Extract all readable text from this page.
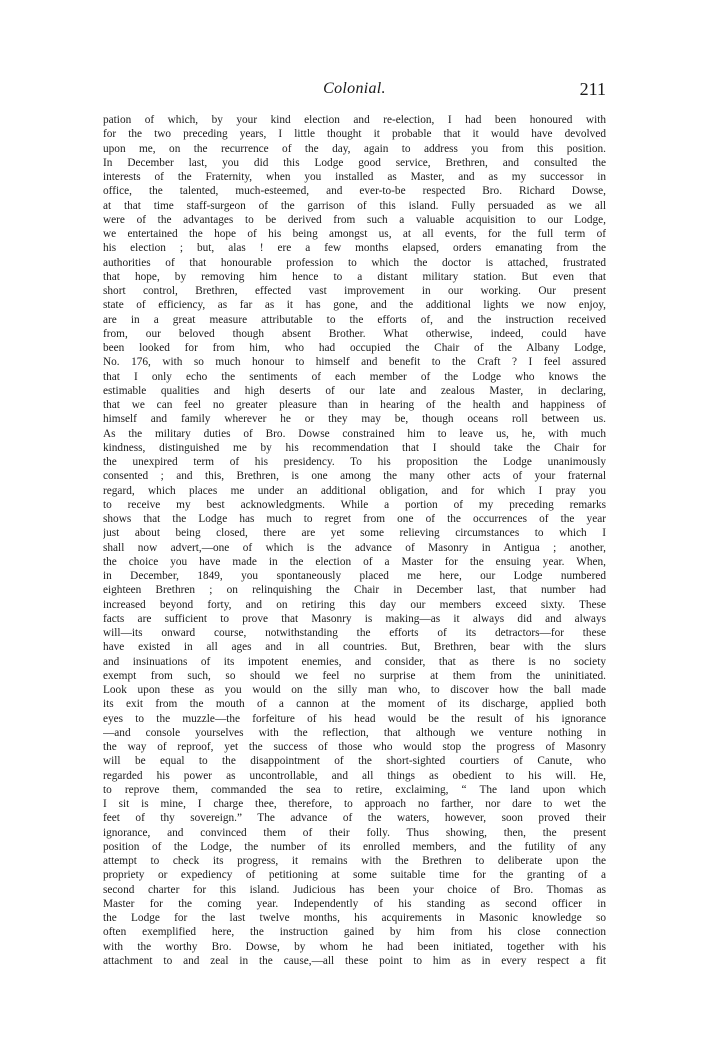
Colonial.	211
pation of which, by your kind election and re-election, I had been honoured with
for the two preceding years, I little thought it probable that it would have devolved
upon me, on the recurrence of the day, again to address you from this position.
In December last, you did this Lodge good service, Brethren, and consulted the
interests of the Fraternity, when you installed as Master, and as my successor in
office, the talented, much-esteemed, and ever-to-be respected Bro. Richard Dowse,
at that time staff-surgeon of the garrison of this island. Fully persuaded as we all
were of the advantages to be derived from such a valuable acquisition to our Lodge,
we entertained the hope of his being amongst us, at all events, for the full term of
his election ; but, alas ! ere a few months elapsed, orders emanating from the
authorities of that honourable profession to which the doctor is attached, frustrated
that hope, by removing him hence to a distant military station. But even that
short control, Brethren, effected vast improvement in our working. Our present
state of efficiency, as far as it has gone, and the additional lights we now enjoy,
are in a great measure attributable to the efforts of, and the instruction received
from, our beloved though absent Brother. What otherwise, indeed, could have
been looked for from him, who had occupied the Chair of the Albany Lodge,
No. 176, with so much honour to himself and benefit to the Craft ? I feel assured
that I only echo the sentiments of each member of the Lodge who knows the
estimable qualities and high deserts of our late and zealous Master, in declaring,
that we can feel no greater pleasure than in hearing of the health and happiness of
himself and family wherever he or they may be, though oceans roll between us.
As the military duties of Bro. Dowse constrained him to leave us, he, with much
kindness, distinguished me by his recommendation that I should take the Chair for
the unexpired term of his presidency. To his proposition the Lodge unanimously
consented ; and this, Brethren, is one among the many other acts of your fraternal
regard, which places me under an additional obligation, and for which I pray you
to receive my best acknowledgments. While a portion of my preceding remarks
shows that the Lodge has much to regret from one of the occurrences of the year
just about being closed, there are yet some relieving circumstances to which I
shall now advert,—one of which is the advance of Masonry in Antigua ; another,
the choice you have made in the election of a Master for the ensuing year. When,
in December, 1849, you spontaneously placed me here, our Lodge numbered
eighteen Brethren ; on relinquishing the Chair in December last, that number had
increased beyond forty, and on retiring this day our members exceed sixty. These
facts are sufficient to prove that Masonry is making—as it always did and always
will—its onward course, notwithstanding the efforts of its detractors—for these
have existed in all ages and in all countries. But, Brethren, bear with the slurs
and insinuations of its impotent enemies, and consider, that as there is no society
exempt from such, so should we feel no surprise at them from the uninitiated.
Look upon these as you would on the silly man who, to discover how the ball made
its exit from the mouth of a cannon at the moment of its discharge, applied both
eyes to the muzzle—the forfeiture of his head would be the result of his ignorance
—and console yourselves with the reflection, that although we venture nothing in
the way of reproof, yet the success of those who would stop the progress of Masonry
will be equal to the disappointment of the short-sighted courtiers of Canute, who
regarded his power as uncontrollable, and all things as obedient to his will. He,
to reprove them, commanded the sea to retire, exclaiming, “ The land upon which
I sit is mine, I charge thee, therefore, to approach no farther, nor dare to wet the
feet of thy sovereign.” The advance of the waters, however, soon proved their
ignorance, and convinced them of their folly. Thus showing, then, the present
position of the Lodge, the number of its enrolled members, and the futility of any
attempt to check its progress, it remains with the Brethren to deliberate upon the
propriety or expediency of petitioning at some suitable time for the granting of a
second charter for this island. Judicious has been your choice of Bro. Thomas as
Master for the coming year. Independently of his standing as second officer in
the Lodge for the last twelve months, his acquirements in Masonic knowledge so
often exemplified here, the instruction gained by him from his close connection
with the worthy Bro. Dowse, by whom he had been initiated, together with his
attachment to and zeal in the cause,—all these point to him as in every respect a fit
